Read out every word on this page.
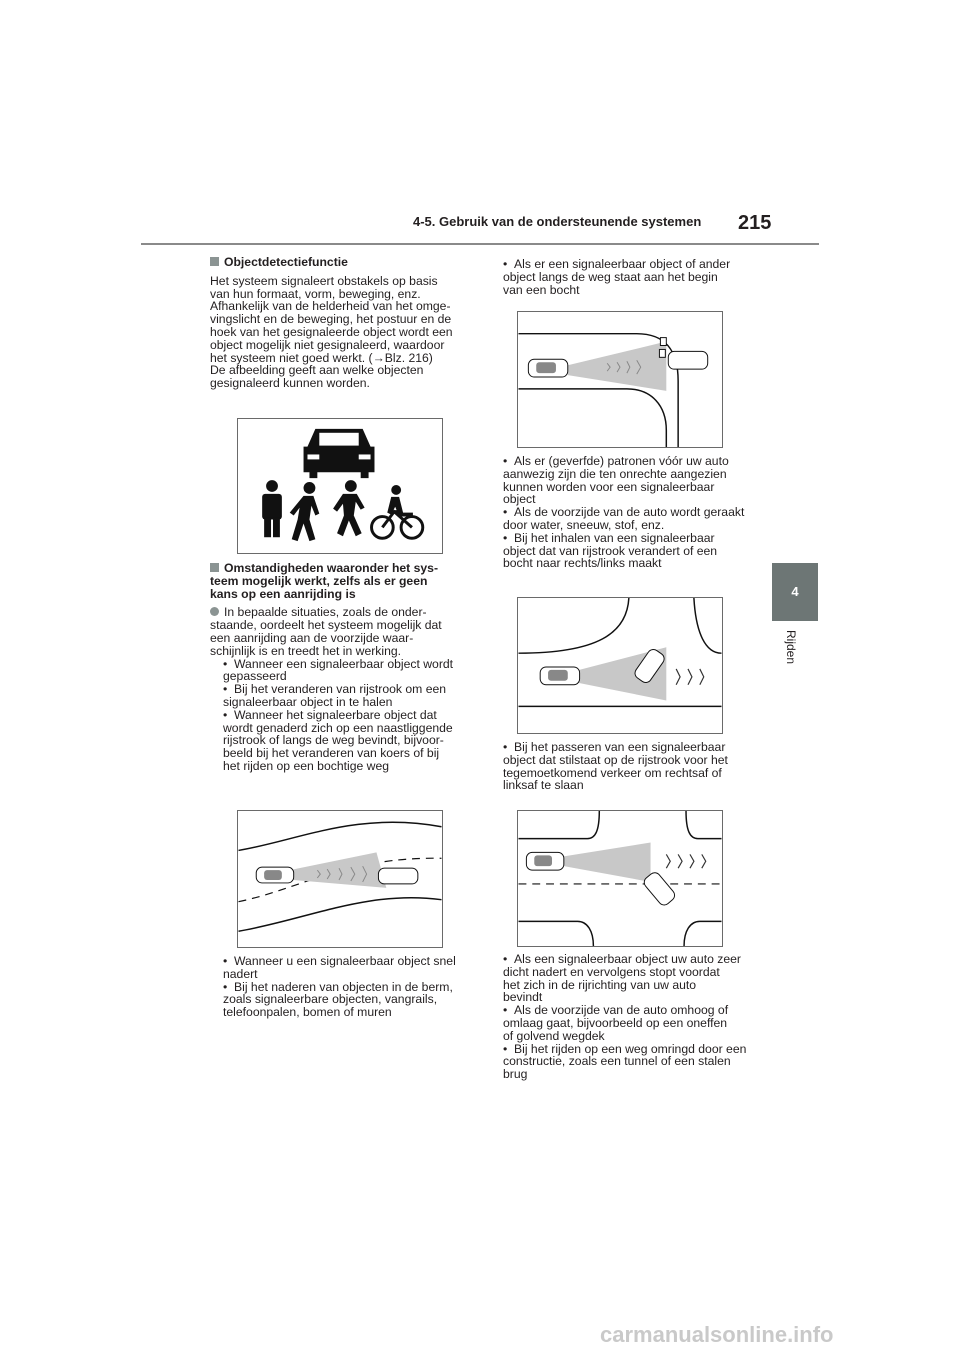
4-5. Gebruik van de ondersteunende systemen 215
4
Rijden

Objectdetectiefunctie

Het systeem signaleert obstakels op basis

van hun formaat, vorm, beweging, enz.

Afhankelijk van de helderheid van het omge-

vingslicht en de beweging, het postuur en de

hoek van het gesignaleerde object wordt een

object mogelijk niet gesignaleerd, waardoor

het systeem niet goed werkt. (→Blz. 216)

De afbeelding geeft aan welke objecten

gesignaleerd kunnen worden.

Omstandigheden waaronder het sys-

teem mogelijk werkt, zelfs als er geen

kans op een aanrijding is

In bepaalde situaties, zoals de onder-

staande, oordeelt het systeem mogelijk dat

een aanrijding aan de voorzijde waar-

schijnlijk is en treedt het in werking.

• Wanneer een signaleerbaar object wordt

gepasseerd

• Bij het veranderen van rijstrook om een

signaleerbaar object in te halen

• Wanneer het signaleerbare object dat

wordt genaderd zich op een naastliggende

rijstrook of langs de weg bevindt, bijvoor-

beeld bij het veranderen van koers of bij

het rijden op een bochtige weg

• Wanneer u een signaleerbaar object snel

nadert

• Bij het naderen van objecten in de berm,

zoals signaleerbare objecten, vangrails,

telefoonpalen, bomen of muren

• Als er een signaleerbaar object of ander

object langs de weg staat aan het begin

van een bocht

• Als er (geverfde) patronen vóór uw auto

aanwezig zijn die ten onrechte aangezien

kunnen worden voor een signaleerbaar

object

• Als de voorzijde van de auto wordt geraakt

door water, sneeuw, stof, enz.

• Bij het inhalen van een signaleerbaar

object dat van rijstrook verandert of een

bocht naar rechts/links maakt

• Bij het passeren van een signaleerbaar

object dat stilstaat op de rijstrook voor het

tegemoetkomend verkeer om rechtsaf of

linksaf te slaan

• Als een signaleerbaar object uw auto zeer

dicht nadert en vervolgens stopt voordat

het zich in de rijrichting van uw auto

bevindt

• Als de voorzijde van de auto omhoog of

omlaag gaat, bijvoorbeeld op een oneffen

of golvend wegdek

• Bij het rijden op een weg omringd door een

constructie, zoals een tunnel of een stalen

brug

carmanualsonline.info
